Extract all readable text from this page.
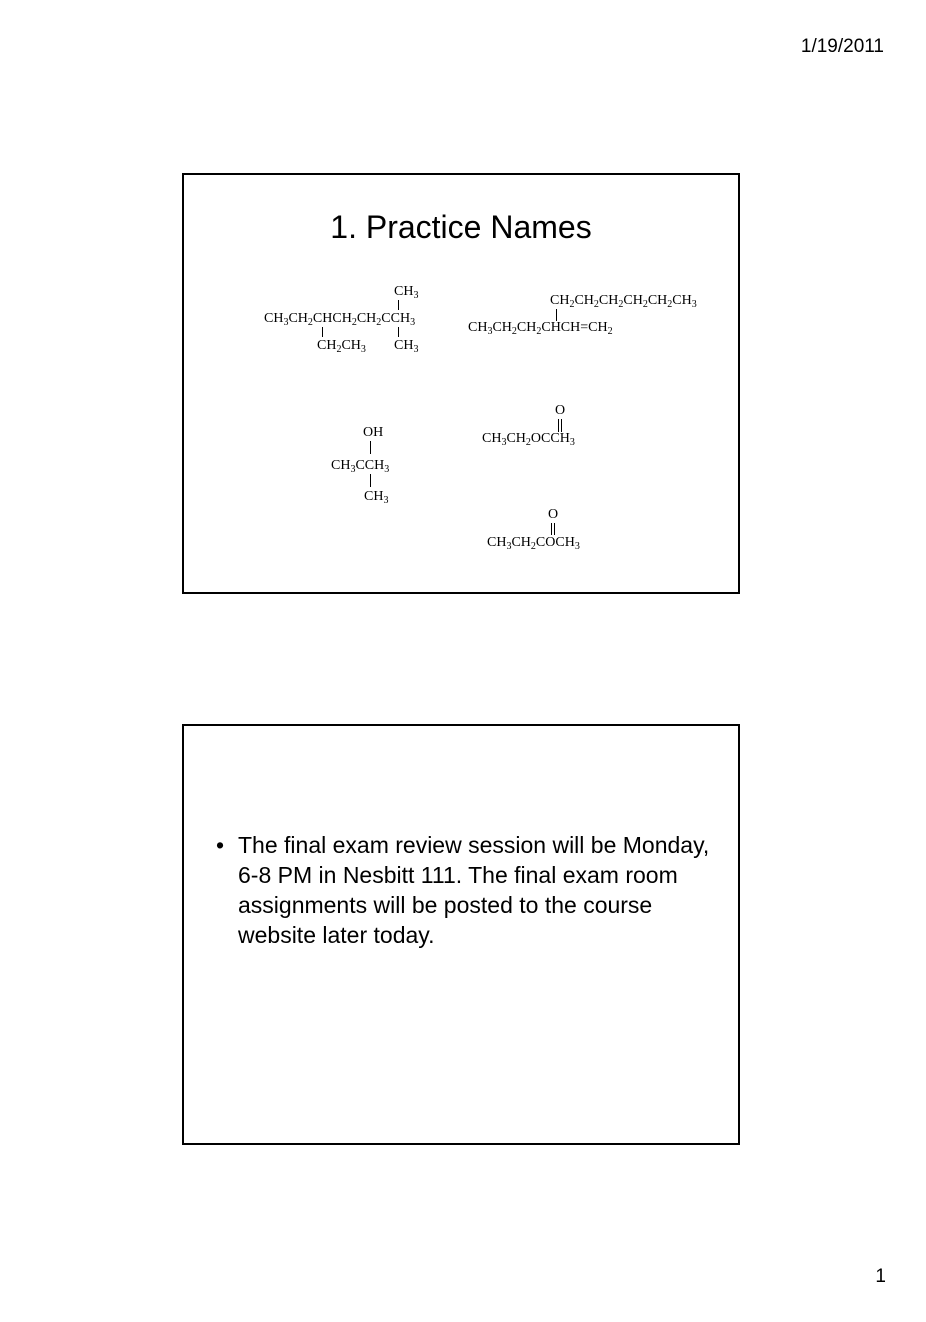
1/19/2011
1. Practice Names
$CH_3$
$CH_3CH_2CHCH_2CH_2CCH_3$
$CH_2CH_3$ $CH_3$
$CH_2CH_2CH_2CH_2CH_2CH_3$
$CH_3CH_2CH_2CHCH=CH_2$
OH
$CH_3CCH_3$
$CH_3$
O
$CH_3CH_2OCCH_3$
O
$CH_3CH_2COCH_3$
• The final exam review session will be Monday, 6-8 PM in Nesbitt 111. The final exam room assignments will be posted to the course website later today.
1
